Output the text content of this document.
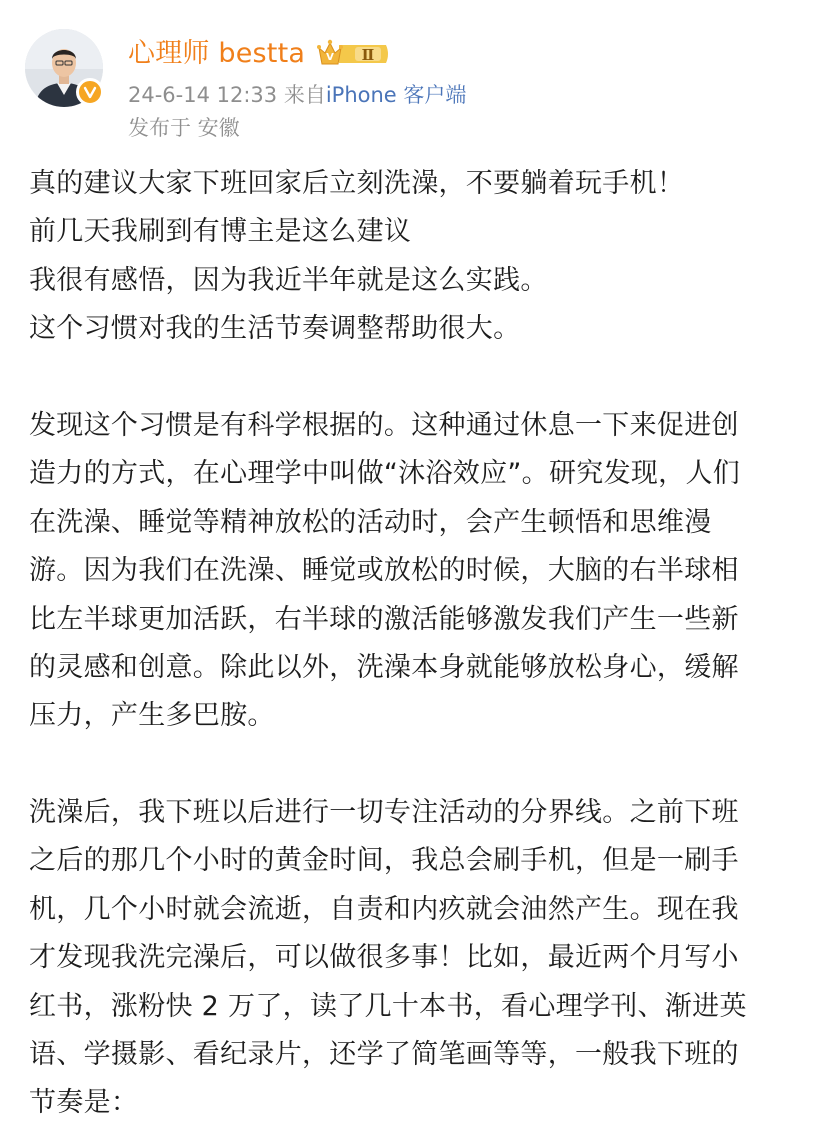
心理师 bestta V Ⅱ
24-6-14 12:33 来自iPhone 客户端
发布于 安徽
真的建议大家下班回家后立刻洗澡，不要躺着玩手机！
前几天我刷到有博主是这么建议
我很有感悟，因为我近半年就是这么实践。
这个习惯对我的生活节奏调整帮助很大。
发现这个习惯是有科学根据的。这种通过休息一下来促进创
造力的方式，在心理学中叫做“沐浴效应”。研究发现，人们
在洗澡、睡觉等精神放松的活动时，会产生顿悟和思维漫
游。因为我们在洗澡、睡觉或放松的时候，大脑的右半球相
比左半球更加活跃，右半球的激活能够激发我们产生一些新
的灵感和创意。除此以外，洗澡本身就能够放松身心，缓解
压力，产生多巴胺。
洗澡后，我下班以后进行一切专注活动的分界线。之前下班
之后的那几个小时的黄金时间，我总会刷手机，但是一刷手
机，几个小时就会流逝，自责和内疚就会油然产生。现在我
才发现我洗完澡后，可以做很多事！比如，最近两个月写小
红书，涨粉快 2 万了，读了几十本书，看心理学刊、渐进英
语、学摄影、看纪录片，还学了简笔画等等，一般我下班的
节奏是：
